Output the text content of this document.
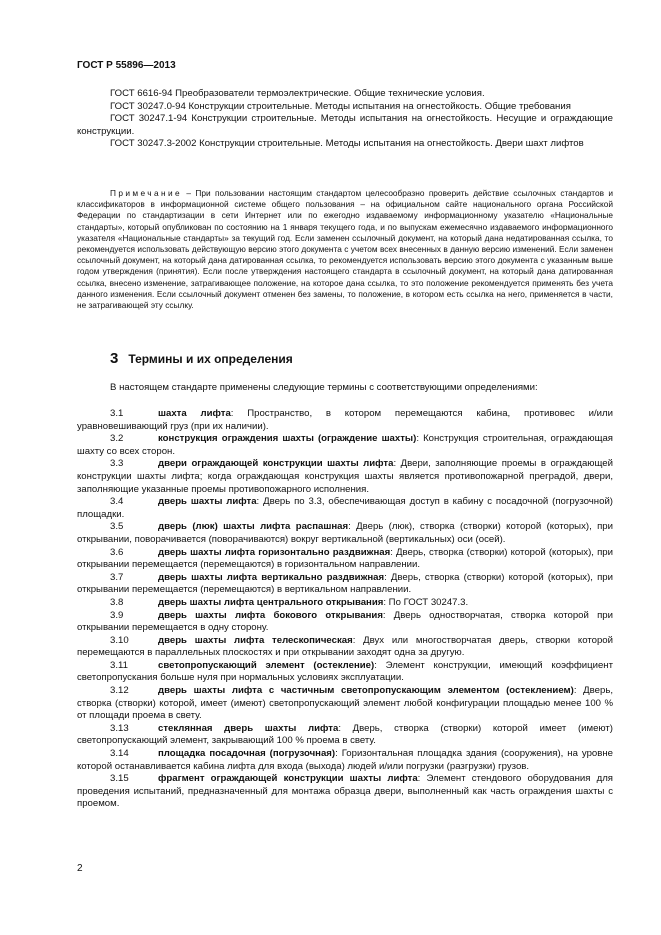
ГОСТ Р 55896—2013

ГОСТ 6616-94 Преобразователи термоэлектрические. Общие технические условия.

ГОСТ 30247.0-94 Конструкции строительные. Методы испытания на огнестойкость. Общие требования

ГОСТ 30247.1-94 Конструкции строительные. Методы испытания на огнестойкость. Несущие и ограждающие конструкции.

ГОСТ 30247.3-2002 Конструкции строительные. Методы испытания на огнестойкость. Двери шахт лифтов

Примечание – При пользовании настоящим стандартом целесообразно проверить действие ссылочных стандартов и классификаторов в информационной системе общего пользования – на официальном сайте национального органа Российской Федерации по стандартизации в сети Интернет или по ежегодно издаваемому информационному указателю «Национальные стандарты», который опубликован по состоянию на 1 января текущего года, и по выпускам ежемесячно издаваемого информационного указателя «Национальные стандарты» за текущий год. Если заменен ссылочный документ, на который дана недатированная ссылка, то рекомендуется использовать действующую версию этого документа с учетом всех внесенных в данную версию изменений. Если заменен ссылочный документ, на который дана датированная ссылка, то рекомендуется использовать версию этого документа с указанным выше годом утверждения (принятия). Если после утверждения настоящего стандарта в ссылочный документ, на который дана датированная ссылка, внесено изменение, затрагивающее положение, на которое дана ссылка, то это положение рекомендуется применять без учета данного изменения. Если ссылочный документ отменен без замены, то положение, в котором есть ссылка на него, применяется в части, не затрагивающей эту ссылку.

3 Термины и их определения

В настоящем стандарте применены следующие термины с соответствующими определениями:

3.1	шахта лифта: Пространство, в котором перемещаются кабина, противовес и/или уравновешивающий груз (при их наличии).

3.2	конструкция ограждения шахты (ограждение шахты): Конструкция строительная, ограждающая шахту со всех сторон.

3.3	двери ограждающей конструкции шахты лифта: Двери, заполняющие проемы в ограждающей конструкции шахты лифта; когда ограждающая конструкция шахты является противопожарной преградой, двери, заполняющие указанные проемы противопожарного исполнения.

3.4	дверь шахты лифта: Дверь по 3.3, обеспечивающая доступ в кабину с посадочной (погрузочной) площадки.

3.5	дверь (люк) шахты лифта распашная: Дверь (люк), створка (створки) которой (которых), при открывании, поворачивается (поворачиваются) вокруг вертикальной (вертикальных) оси (осей).

3.6	дверь шахты лифта горизонтально раздвижная: Дверь, створка (створки) которой (которых), при открывании перемещается (перемещаются) в горизонтальном направлении.

3.7	дверь шахты лифта вертикально раздвижная: Дверь, створка (створки) которой (которых), при открывании перемещается (перемещаются) в вертикальном направлении.

3.8	дверь шахты лифта центрального открывания: По ГОСТ 30247.3.

3.9	дверь шахты лифта бокового открывания: Дверь одностворчатая, створка которой при открывании перемещается в одну сторону.

3.10	дверь шахты лифта телескопическая: Двух или многостворчатая дверь, створки которой перемещаются в параллельных плоскостях и при открывании заходят одна за другую.

3.11	светопропускающий элемент (остекление): Элемент конструкции, имеющий коэффициент светопропускания больше нуля при нормальных условиях эксплуатации.

3.12	дверь шахты лифта с частичным светопропускающим элементом (остеклением): Дверь, створка (створки) которой, имеет (имеют) светопропускающий элемент любой конфигурации площадью менее 100 % от площади проема в свету.

3.13	стеклянная дверь шахты лифта: Дверь, створка (створки) которой имеет (имеют) светопропускающий элемент, закрывающий 100 % проема в свету.

3.14	площадка посадочная (погрузочная): Горизонтальная площадка здания (сооружения), на уровне которой останавливается кабина лифта для входа (выхода) людей и/или погрузки (разгрузки) грузов.

3.15	фрагмент ограждающей конструкции шахты лифта: Элемент стендового оборудования для проведения испытаний, предназначенный для монтажа образца двери, выполненный как часть ограждения шахты с проемом.

2
